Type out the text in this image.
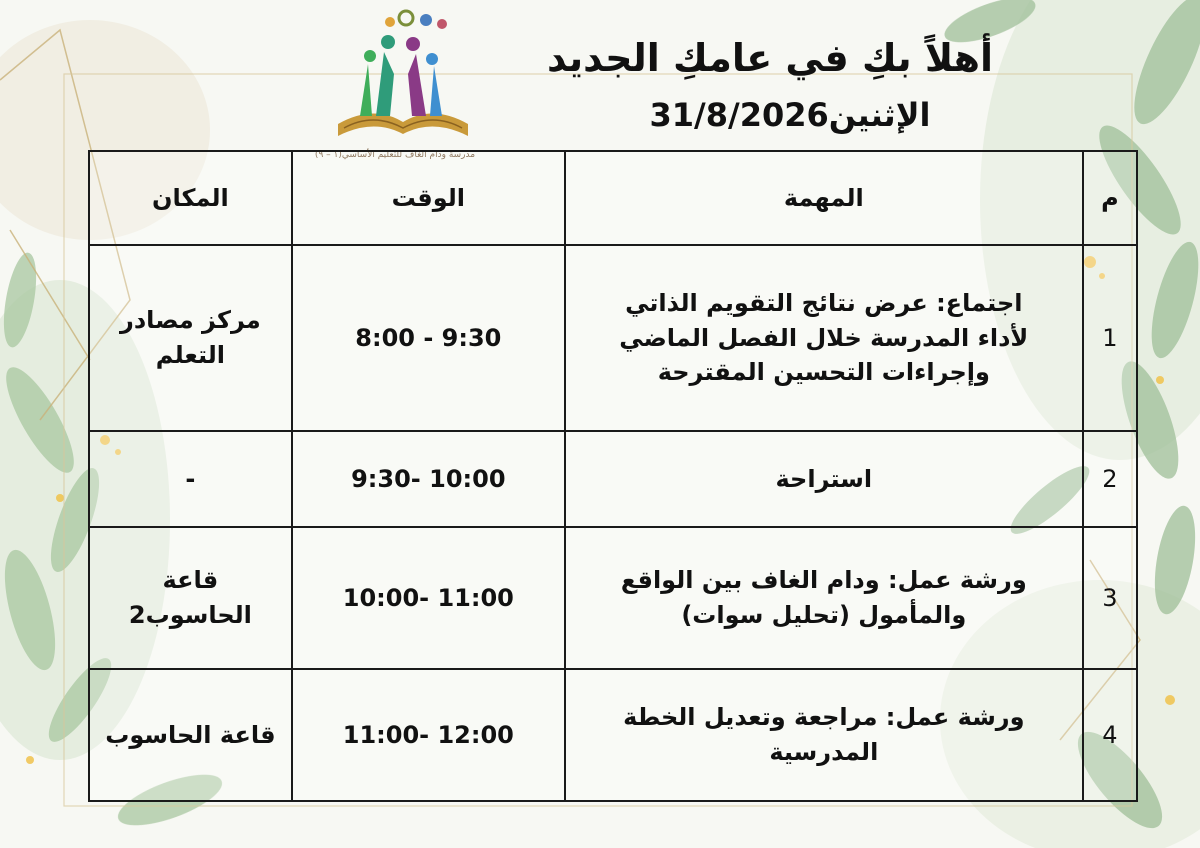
مدرسة ودام الغاف للتعليم الأساسي(١ – ٩)
أهلاً بكِ في عامكِ الجديد
الإثنين31/8/2026
م	المهمة	الوقت	المكان
1	اجتماع: عرض نتائج التقويم الذاتي لأداء المدرسة خلال الفصل الماضي وإجراءات التحسين المقترحة	8:00 - 9:30	مركز مصادر التعلم
2	استراحة	9:30- 10:00	-
3	ورشة عمل: ودام الغاف بين الواقع والمأمول (تحليل سوات)	10:00- 11:00	قاعة الحاسوب2
4	ورشة عمل: مراجعة وتعديل الخطة المدرسية	11:00- 12:00	قاعة الحاسوب
